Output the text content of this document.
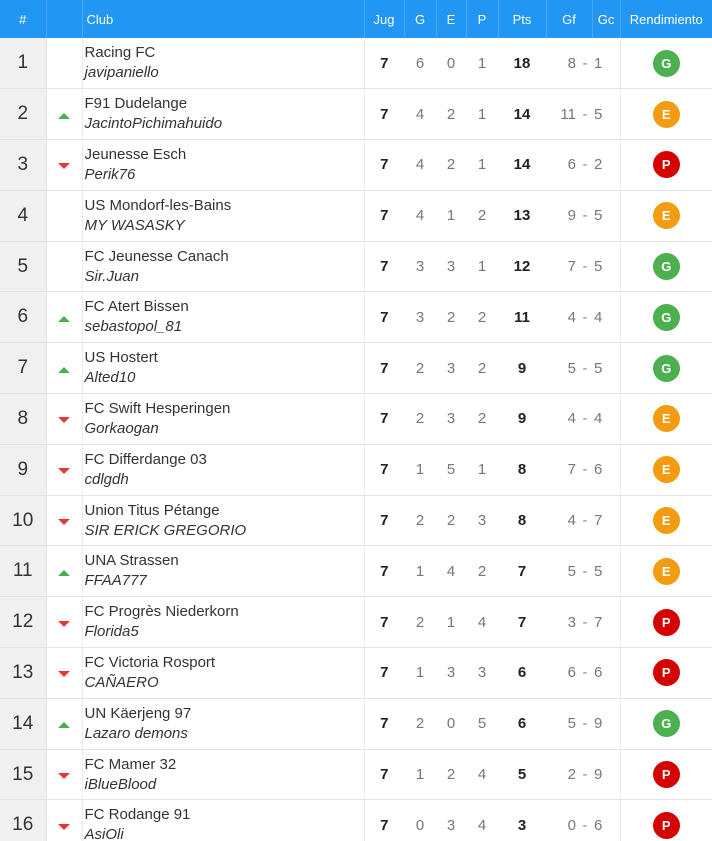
#		Club	Jug	G	E	P	Pts	Gf		Gc	Rendimiento
1		Racing FC
javipaniello	7	6	0	1	18	8	-	1	G
2		F91 Dudelange
JacintoPichimahuido	7	4	2	1	14	11	-	5	E
3		Jeunesse Esch
Perik76	7	4	2	1	14	6	-	2	P
4		US Mondorf-les-Bains
MY WASASKY	7	4	1	2	13	9	-	5	E
5		FC Jeunesse Canach
Sir.Juan	7	3	3	1	12	7	-	5	G
6		FC Atert Bissen
sebastopol_81	7	3	2	2	11	4	-	4	G
7		US Hostert
Alted10	7	2	3	2	9	5	-	5	G
8		FC Swift Hesperingen
Gorkaogan	7	2	3	2	9	4	-	4	E
9		FC Differdange 03
cdlgdh	7	1	5	1	8	7	-	6	E
10		Union Titus Pétange
SIR ERICK GREGORIO	7	2	2	3	8	4	-	7	E
11		UNA Strassen
FFAA777	7	1	4	2	7	5	-	5	E
12		FC Progrès Niederkorn
Florida5	7	2	1	4	7	3	-	7	P
13		FC Victoria Rosport
CAÑAERO	7	1	3	3	6	6	-	6	P
14		UN Käerjeng 97
Lazaro demons	7	2	0	5	6	5	-	9	G
15		FC Mamer 32
iBlueBlood	7	1	2	4	5	2	-	9	P
16		FC Rodange 91
AsiOli	7	0	3	4	3	0	-	6	P
